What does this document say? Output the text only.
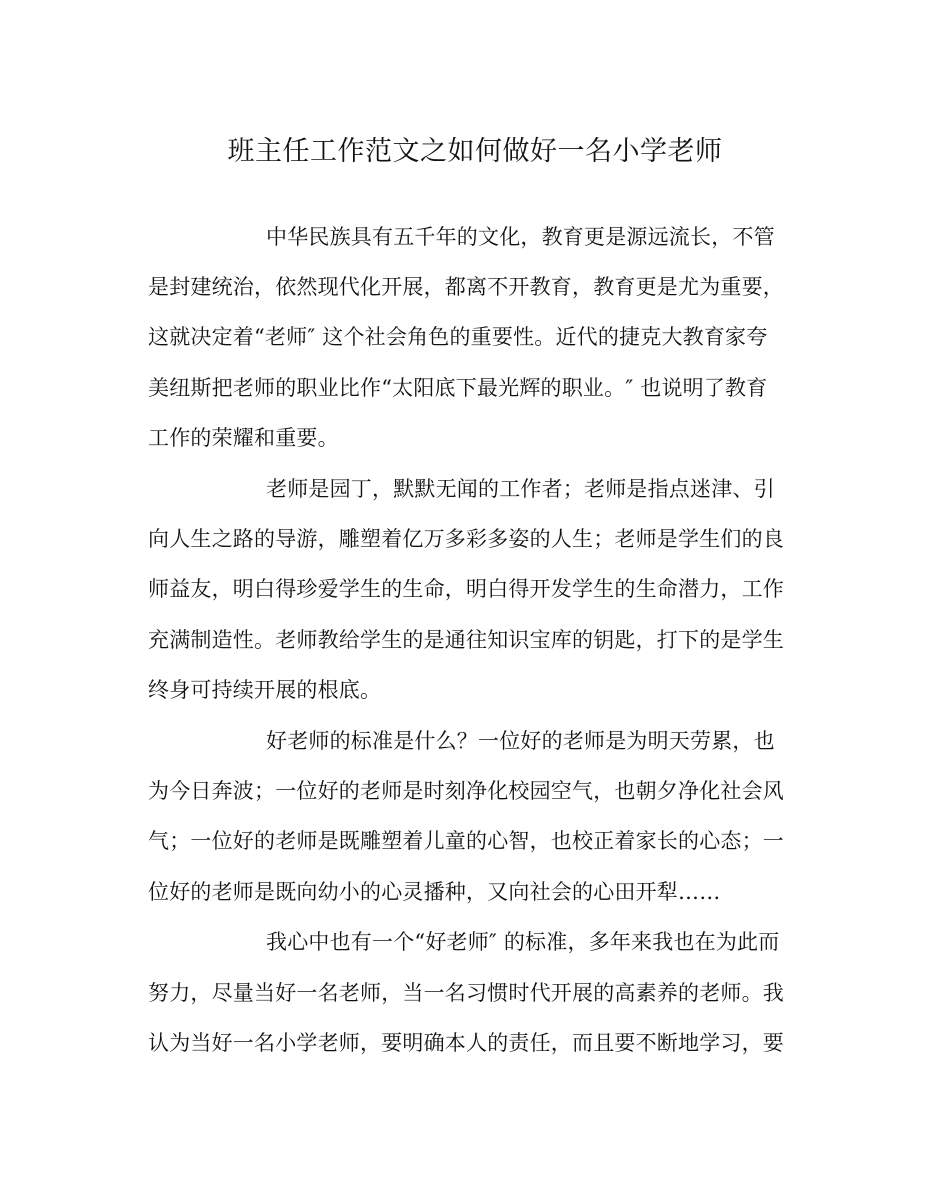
班主任工作范文之如何做好一名小学老师
中华民族具有五千年的文化，教育更是源远流长，不管
是封建统治，依然现代化开展，都离不开教育，教育更是尤为重要，
这就决定着“老师″ 这个社会角色的重要性。近代的捷克大教育家夸
美纽斯把老师的职业比作“太阳底下最光辉的职业。″ 也说明了教育
工作的荣耀和重要。
老师是园丁，默默无闻的工作者；老师是指点迷津、引
向人生之路的导游，雕塑着亿万多彩多姿的人生；老师是学生们的良
师益友，明白得珍爱学生的生命，明白得开发学生的生命潜力，工作
充满制造性。老师教给学生的是通往知识宝库的钥匙，打下的是学生
终身可持续开展的根底。
好老师的标准是什么？一位好的老师是为明天劳累，也
为今日奔波；一位好的老师是时刻净化校园空气，也朝夕净化社会风
气；一位好的老师是既雕塑着儿童的心智，也校正着家长的心态；一
位好的老师是既向幼小的心灵播种，又向社会的心田开犁……
我心中也有一个“好老师″ 的标准，多年来我也在为此而
努力，尽量当好一名老师，当一名习惯时代开展的高素养的老师。我
认为当好一名小学老师，要明确本人的责任，而且要不断地学习，要
